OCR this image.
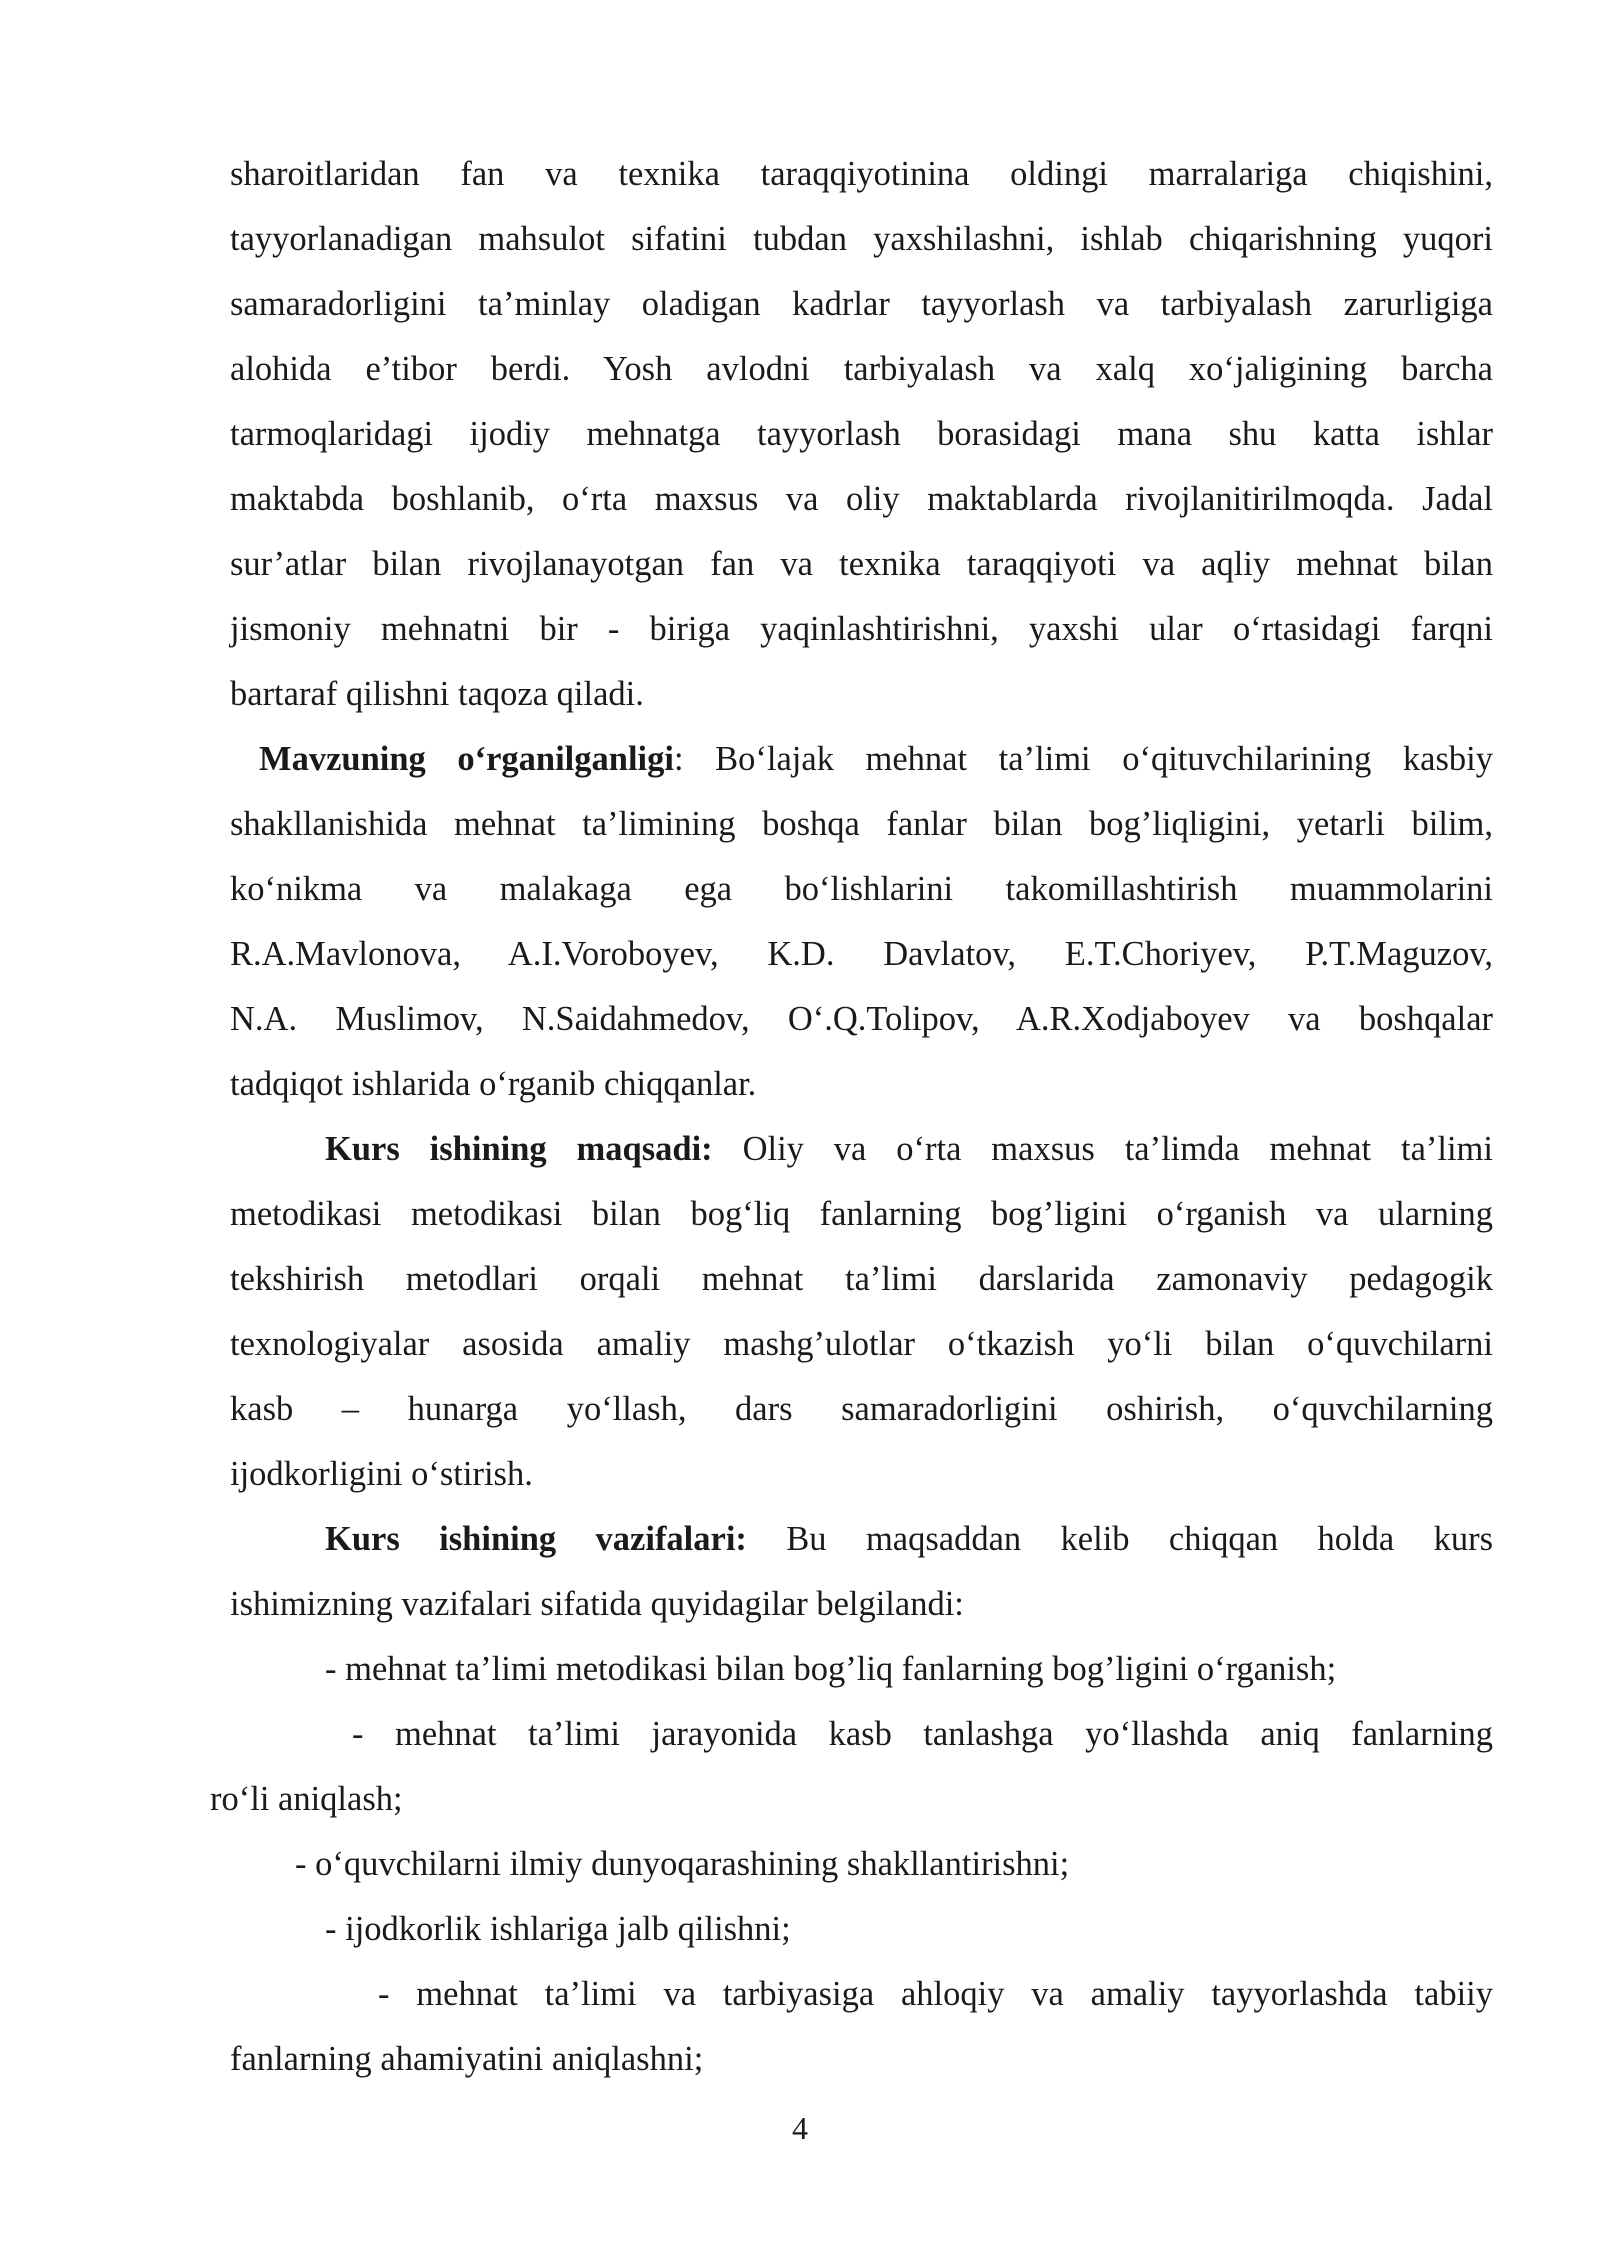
sharoitlaridan fan va texnika taraqqiyotinina oldingi marralariga chiqishini,
tayyorlanadigan mahsulot sifatini tubdan yaxshilashni, ishlab chiqarishning yuqori
samaradorligini ta’minlay oladigan kadrlar tayyorlash va tarbiyalash zarurligiga
alohida e’tibor berdi. Yosh avlodni tarbiyalash va xalq xo‘jaligining barcha
tarmoqlaridagi ijodiy mehnatga tayyorlash borasidagi mana shu katta ishlar
maktabda boshlanib, o‘rta maxsus va oliy maktablarda rivojlanitirilmoqda. Jadal
sur’atlar bilan rivojlanayotgan fan va texnika taraqqiyoti va aqliy mehnat bilan
jismoniy mehnatni bir - biriga yaqinlashtirishni, yaxshi ular o‘rtasidagi farqni
bartaraf qilishni taqoza qiladi.
Mavzuning o‘rganilganligi: Bo‘lajak mehnat ta’limi o‘qituvchilarining kasbiy
shakllanishida mehnat ta’limining boshqa fanlar bilan bog’liqligini, yetarli bilim,
ko‘nikma va malakaga ega bo‘lishlarini takomillashtirish muammolarini
R.A.Mavlonova, A.I.Voroboyev, K.D. Davlatov, E.T.Choriyev, P.T.Maguzov,
N.A. Muslimov, N.Saidahmedov, O‘.Q.Tolipov, A.R.Xodjaboyev va boshqalar
tadqiqot ishlarida o‘rganib chiqqanlar.
Kurs ishining maqsadi: Oliy va o‘rta maxsus ta’limda mehnat ta’limi
metodikasi metodikasi bilan bog‘liq fanlarning bog’ligini o‘rganish va ularning
tekshirish metodlari orqali mehnat ta’limi darslarida zamonaviy pedagogik
texnologiyalar asosida amaliy mashg’ulotlar o‘tkazish yo‘li bilan o‘quvchilarni
kasb – hunarga yo‘llash, dars samaradorligini oshirish, o‘quvchilarning
ijodkorligini o‘stirish.
Kurs ishining vazifalari: Bu maqsaddan kelib chiqqan holda kurs
ishimizning vazifalari sifatida quyidagilar belgilandi:
- mehnat ta’limi metodikasi bilan bog’liq fanlarning bog’ligini o‘rganish;
- mehnat ta’limi jarayonida kasb tanlashga yo‘llashda aniq fanlarning
ro‘li aniqlash;
- o‘quvchilarni ilmiy dunyoqarashining shakllantirishni;
- ijodkorlik ishlariga jalb qilishni;
- mehnat ta’limi va tarbiyasiga ahloqiy va amaliy tayyorlashda tabiiy
fanlarning ahamiyatini aniqlashni;
4
